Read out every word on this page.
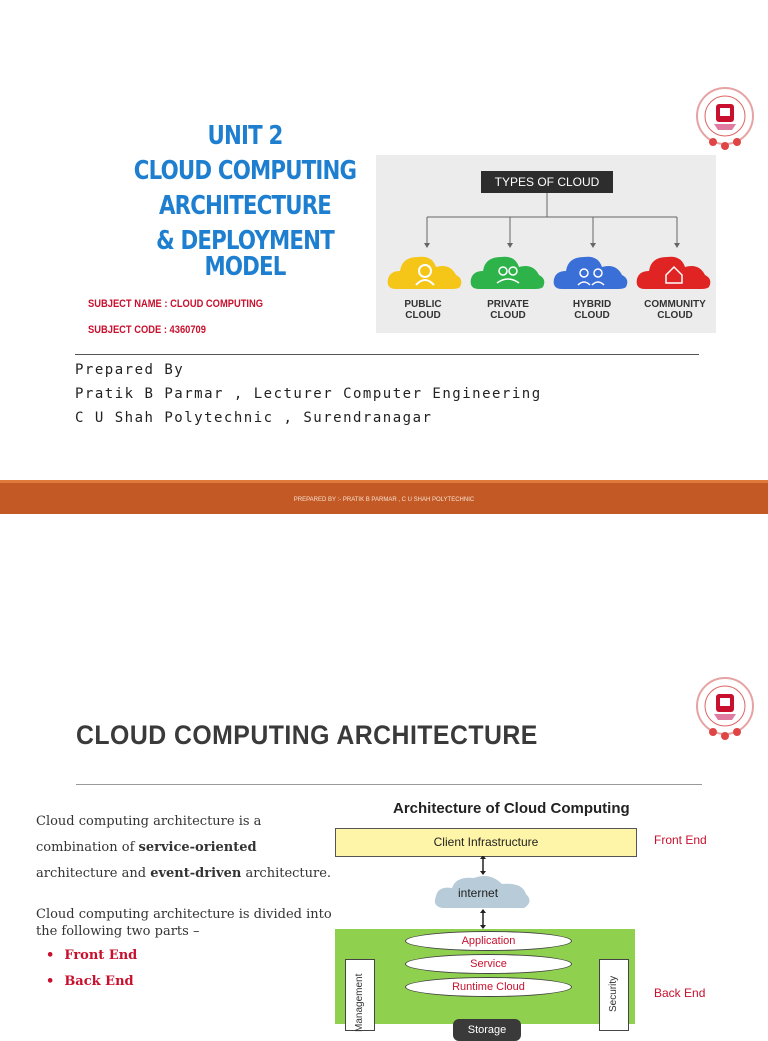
UNIT 2
CLOUD COMPUTING
ARCHITECTURE
& DEPLOYMENT MODEL
SUBJECT NAME : CLOUD COMPUTING
SUBJECT CODE : 4360709
TYPES OF CLOUD
PUBLIC
CLOUD
PRIVATE
CLOUD
HYBRID
CLOUD
COMMUNITY
CLOUD
Prepared By
Pratik B Parmar , Lecturer Computer Engineering
C U Shah Polytechnic , Surendranagar
PREPARED BY :- PRATIK B PARMAR , C U SHAH POLYTECHNIC
CLOUD COMPUTING ARCHITECTURE
Cloud computing architecture is a combination of service-oriented architecture and event-driven architecture.
Cloud computing architecture is divided into the following two parts –
• Front End
• Back End
Architecture of Cloud Computing
Client Infrastructure	Front End
internet
Application
Service
Runtime Cloud
Storage
Management	Security	Back End
